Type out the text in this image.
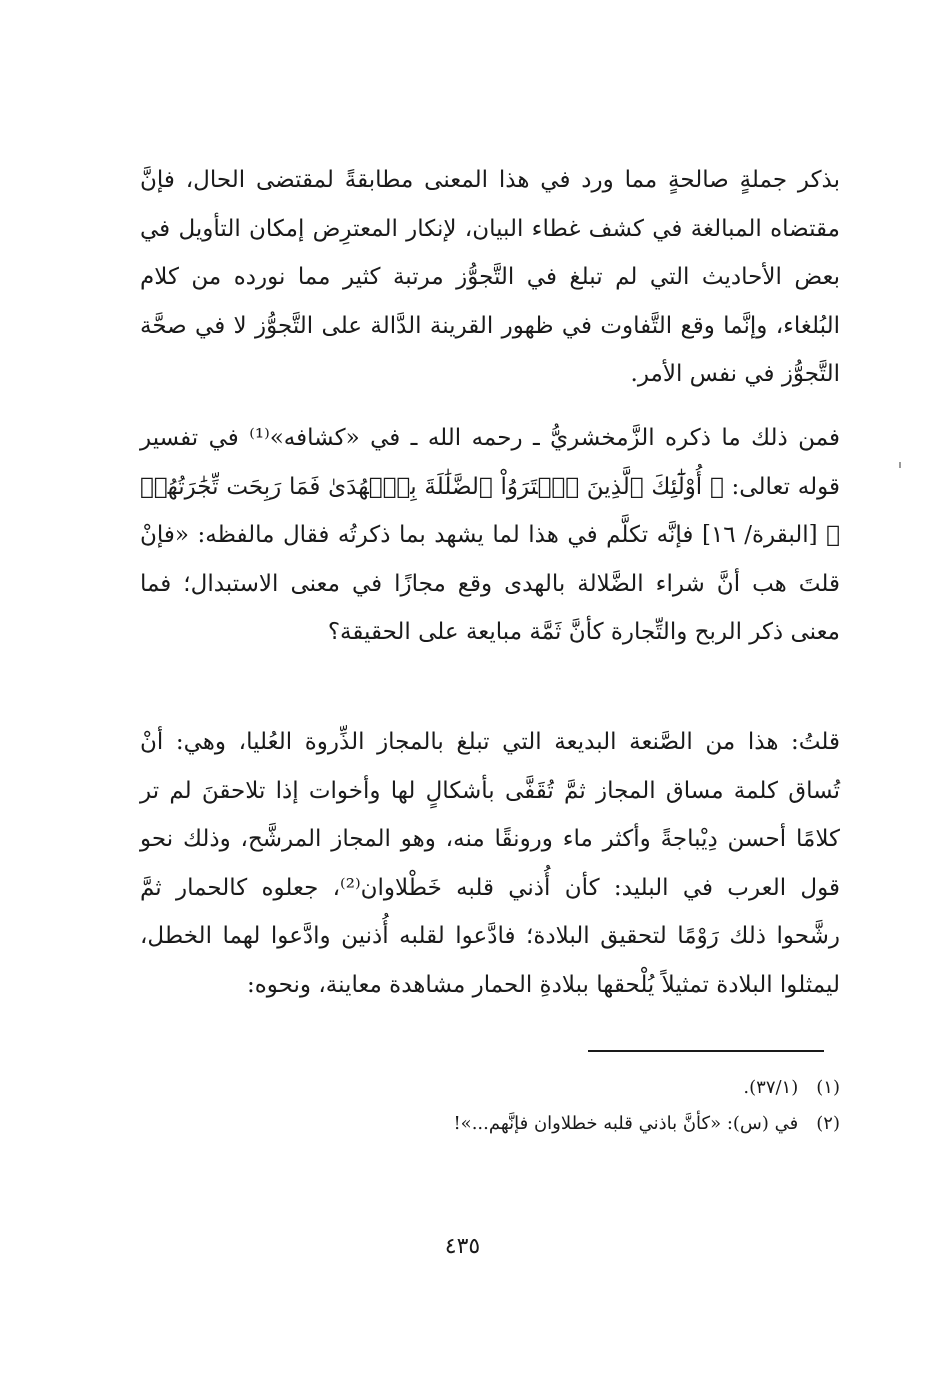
بذكر جملةٍ صالحةٍ مما ورد في هذا المعنى مطابقةً لمقتضى الحال، فإنَّ مقتضاه المبالغة في كشف غطاء البيان، لإنكار المعترِض إمكان التأويل في بعض الأحاديث التي لم تبلغ في التَّجوُّز مرتبة كثير مما نورده من كلام البُلغاء، وإنَّما وقع التَّفاوت في ظهور القرينة الدَّالة على التَّجوُّز لا في صحَّة التَّجوُّز في نفس الأمر.

فمن ذلك ما ذكره الزَّمخشريُّ ـ رحمه الله ـ في «كشافه»⁽¹⁾ في تفسير قوله تعالى: ﴿ أُوْلَٰٓئِكَ ٱلَّذِينَ ٱشۡتَرَوُاْ ٱلضَّلَٰلَةَ بِٱلۡهُدَىٰ فَمَا رَبِحَت تِّجَٰرَتُهُمۡ ﴾ [البقرة/ ١٦] فإنَّه تكلَّم في هذا لما يشهد بما ذكرتُه فقال مالفظه: «فإنْ قلتَ هب أنَّ شراء الضَّلالة بالهدى وقع مجازًا في معنى الاستبدال؛ فما معنى ذكر الربح والتِّجارة كأنَّ ثَمَّة مبايعة على الحقيقة؟

قلتُ: هذا من الصَّنعة البديعة التي تبلغ بالمجاز الذِّروة العُليا، وهي: أنْ تُساق كلمة مساق المجاز ثمَّ تُقَفَّى بأشكالٍ لها وأخوات إذا تلاحقنَ لم تر كلامًا أحسن دِيْباجةً وأكثر ماء ورونقًا منه، وهو المجاز المرشَّح، وذلك نحو قول العرب في البليد: كأن أُذني قلبه خَطْلاوان⁽²⁾، جعلوه كالحمار ثمَّ رشَّحوا ذلك رَوْمًا لتحقيق البلادة؛ فادَّعوا لقلبه أُذنين وادَّعوا لهما الخطل، ليمثلوا البلادة تمثيلاً يُلْحقها ببلادةِ الحمار مشاهدة معاينة، ونحوه:

(١)(٣٧/١).
(٢)في (س): «كأنَّ باذني قلبه خطلاوان فإنَّهم...»!
٤٣٥
